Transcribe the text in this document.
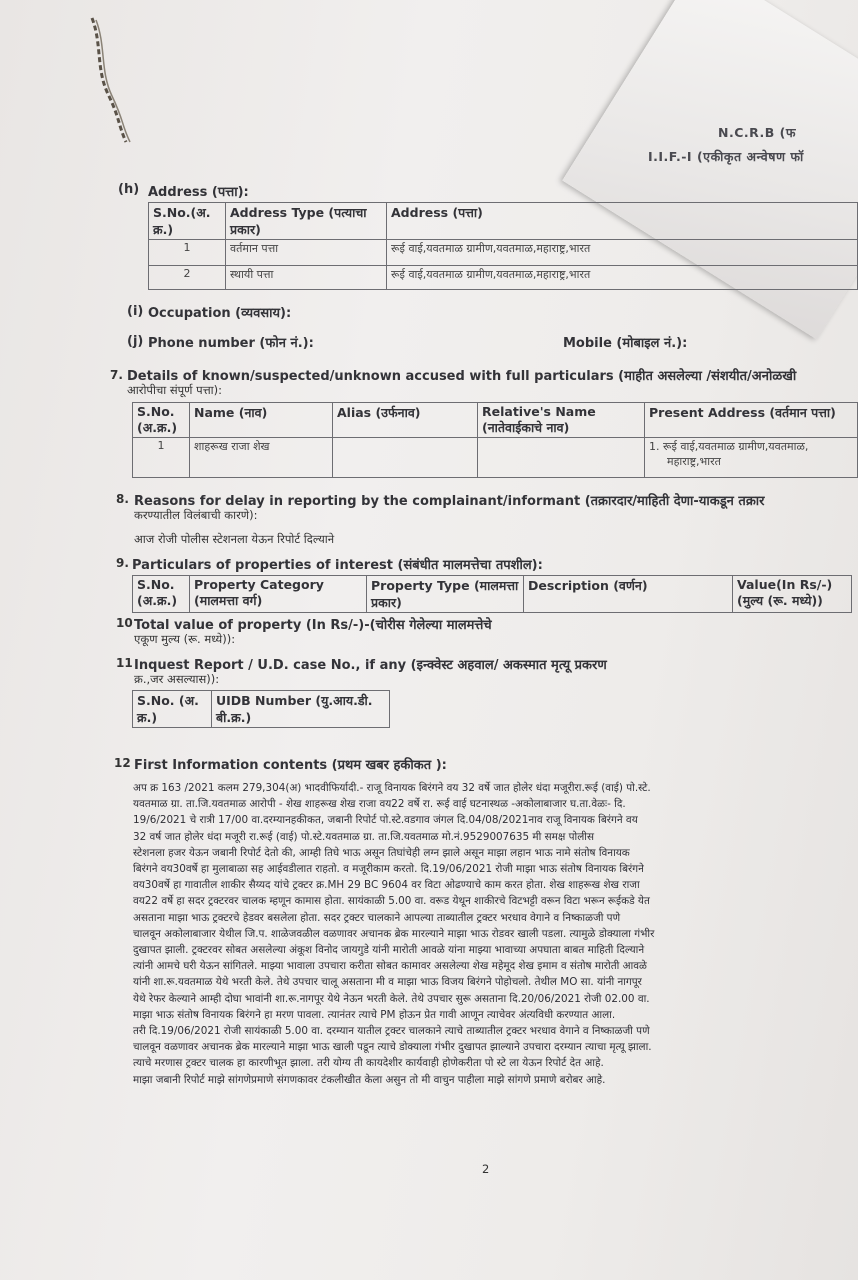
N.C.R.B (फ
I.I.F.-I (एकीकृत अन्वेषण फॉ
(h) Address (पत्ता):
S.No.(अ. क्र.)	Address Type (पत्याचा प्रकार)	Address (पत्ता)
1	वर्तमान पत्ता	रूई वाई,यवतमाळ ग्रामीण,यवतमाळ,महाराष्ट्र,भारत
2	स्थायी पत्ता	रूई वाई,यवतमाळ ग्रामीण,यवतमाळ,महाराष्ट्र,भारत
(i) Occupation (व्यवसाय):
(j) Phone number (फोन नं.):	Mobile (मोबाइल नं.):
7. Details of known/suspected/unknown accused with full particulars (माहीत असलेल्या /संशयीत/अनोळखी
आरोपीचा संपूर्ण पत्ता):
S.No. (अ.क्र.)	Name (नाव)	Alias (उर्फनाव)	Relative's Name (नातेवाईकाचे नाव)	Present Address (वर्तमान पत्ता)
1	शाहरूख राजा शेख			1. रूई वाई,यवतमाळ ग्रामीण,यवतमाळ,
महाराष्ट्र,भारत
8. Reasons for delay in reporting by the complainant/informant (तक्रारदार/माहिती देणा-याकडून तक्रार
करण्यातील विलंबाची कारणे):
आज रोजी पोलीस स्टेशनला येऊन रिपोर्ट दिल्याने
9. Particulars of properties of interest (संबंधीत मालमत्तेचा तपशील):
S.No. (अ.क्र.)	Property Category (मालमत्ता वर्ग)	Property Type (मालमत्ता प्रकार)	Description (वर्णन)	Value(In Rs/-) (मुल्य (रू. मध्ये))
10 Total value of property (In Rs/-)-(चोरीस गेलेल्या मालमत्तेचे
एकूण मुल्य (रू. मध्ये)):
11 Inquest Report / U.D. case No., if any (इन्क्वेस्ट अहवाल/ अकस्मात मृत्यू प्रकरण
क्र.,जर असल्यास)):
S.No. (अ. क्र.)	UIDB Number (यु.आय.डी. बी.क्र.)
12 First Information contents (प्रथम खबर हकीकत ):
अप क्र 163 /2021 कलम 279,304(अ) भादवीफिर्यादी.- राजू विनायक बिरंगने वय 32 वर्षे जात होलेर धंदा मजूरीरा.रूई (वाई) पो.स्टे.
यवतमाळ ग्रा. ता.जि.यवतमाळ आरोपी - शेख शाहरूख शेख राजा वय22 वर्षे रा. रूई वाई घटनास्थळ -अकोलाबाजार घ.ता.वेळः- दि.
19/6/2021 चे रात्री 17/00 वा.दरम्यानहकीकत, जबानी रिपोर्ट पो.स्टे.वडगाव जंगल दि.04/08/2021नाव राजू विनायक बिरंगने वय
32 वर्ष जात होलेर धंदा मजूरी रा.रूई (वाई) पो.स्टे.यवतमाळ ग्रा. ता.जि.यवतमाळ मो.नं.9529007635 मी समक्ष पोलीस
स्टेशनला हजर येऊन जबानी रिपोर्ट देतो की, आम्ही तिघे भाऊ असून तिघांचेही लग्न झाले असून माझा लहान भाऊ नामे संतोष विनायक
बिरंगने वय30वर्षे हा मुलाबाळा सह आईवडीलात राहतो. व मजूरीकाम करतो. दि.19/06/2021 रोजी माझा भाऊ संतोष विनायक बिरंगने
वय30वर्षे हा गावातील शाकीर सैय्यद यांचे ट्रक्टर क्र.MH 29 BC 9604 वर विटा ओढण्याचे काम करत होता. शेख शाहरूख शेख राजा
वय22 वर्षे हा सदर ट्रक्टरवर चालक म्हणून कामास होता. सायंकाळी 5.00 वा. वरूड येथून शाकीरचे विटभट्टी वरून विटा भरून रूईकडे येत
असताना माझा भाऊ ट्रक्टरचे हेडवर बसलेला होता. सदर ट्रक्टर चालकाने आपल्या ताब्यातील ट्रक्टर भरधाव वेगाने व निष्काळजी पणे
चालवून अकोलाबाजार येथील जि.प. शाळेजवळील वळणावर अचानक ब्रेक मारल्याने माझा भाऊ रोडवर खाली पडला. त्यामुळे डोक्याला गंभीर
दुखापत झाली. ट्रक्टरवर सोबत असलेल्या अंकूश विनोद जायगुडे यांनी मारोती आवळे यांना माझ्या भावाच्या अपघाता बाबत माहिती दिल्याने
त्यांनी आमचे घरी येऊन सांगितले. माझ्या भावाला उपचारा करीता सोबत कामावर असलेल्या शेख महेमूद शेख इमाम व संतोष मारोती आवळे
यांनी शा.रू.यवतमाळ येथे भरती केले. तेथे उपचार चालू असताना मी व माझा भाऊ विजय बिरंगने पोहोचलो. तेथील MO सा. यांनी नागपूर
येथे रेफर केल्याने आम्ही दोघा भावांनी शा.रू.नागपूर येथे नेऊन भरती केले. तेथे उपचार सुरू असताना दि.20/06/2021 रोजी 02.00 वा.
माझा भाऊ संतोष विनायक बिरंगने हा मरण पावला. त्यानंतर त्याचे PM होऊन प्रेत गावी आणून त्याचेवर अंत्यविधी करण्यात आला.
तरी दि.19/06/2021 रोजी सायंकाळी 5.00 वा. दरम्यान यातील ट्रक्टर चालकाने त्याचे ताब्यातील ट्रक्टर भरधाव वेगाने व निष्काळजी पणे
चालवून वळणावर अचानक ब्रेक मारल्याने माझा भाऊ खाली पडून त्याचे डोक्याला गंभीर दुखापत झाल्याने उपचारा दरम्यान त्याचा मृत्यू झाला.
त्याचे मरणास ट्रक्टर चालक हा कारणीभूत झाला. तरी योग्य ती कायदेशीर कार्यवाही होणेकरीता पो स्टे ला येऊन रिपोर्ट देत आहे.
माझा जबानी रिपोर्ट माझे सांगणेप्रमाणे संगणकावर टंकलीखीत केला असुन तो मी वाचुन पाहीला माझे सांगणे प्रमाणे बरोबर आहे.
2
